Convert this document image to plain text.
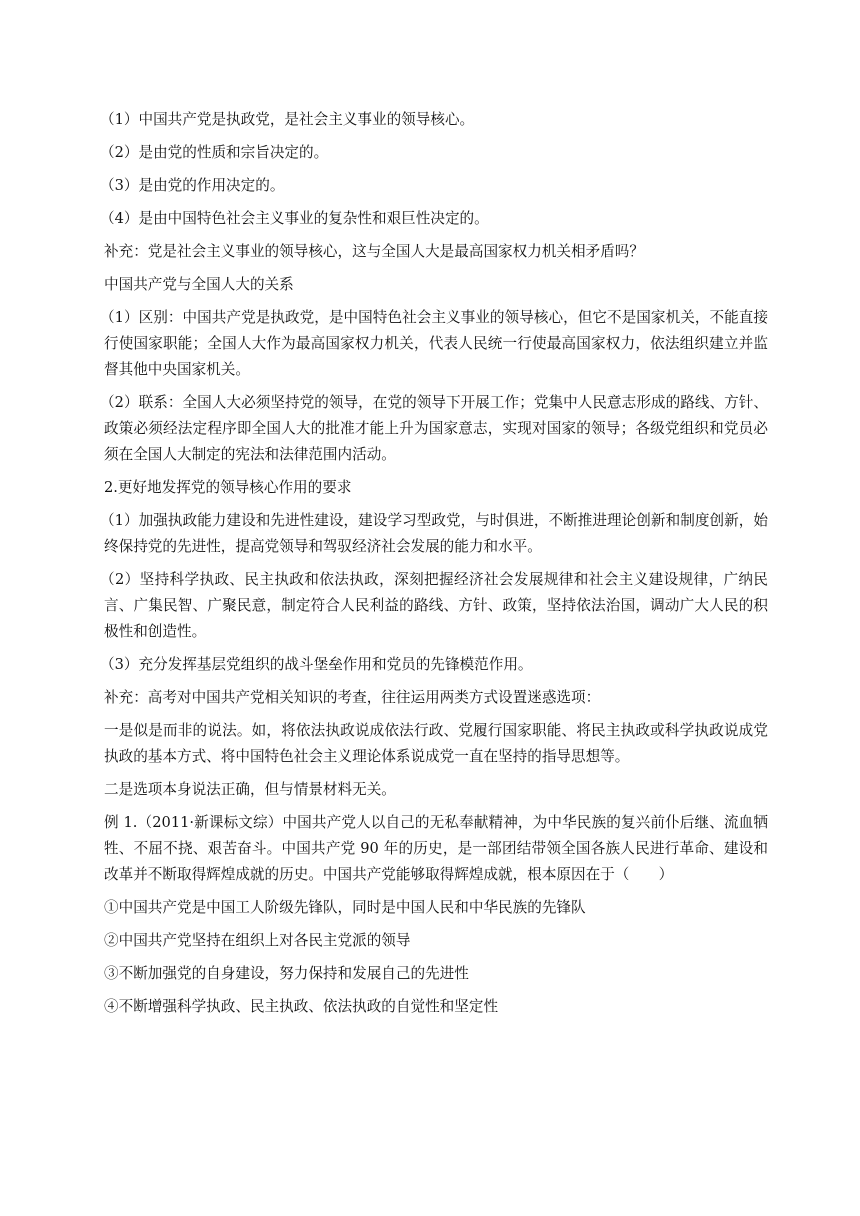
（1）中国共产党是执政党，是社会主义事业的领导核心。

（2）是由党的性质和宗旨决定的。

（3）是由党的作用决定的。

（4）是由中国特色社会主义事业的复杂性和艰巨性决定的。

补充：党是社会主义事业的领导核心，这与全国人大是最高国家权力机关相矛盾吗？

中国共产党与全国人大的关系

（1）区别：中国共产党是执政党，是中国特色社会主义事业的领导核心，但它不是国家机关，不能直接行使国家职能；全国人大作为最高国家权力机关，代表人民统一行使最高国家权力，依法组织建立并监督其他中央国家机关。

（2）联系：全国人大必须坚持党的领导，在党的领导下开展工作；党集中人民意志形成的路线、方针、政策必须经法定程序即全国人大的批准才能上升为国家意志，实现对国家的领导；各级党组织和党员必须在全国人大制定的宪法和法律范围内活动。

2.更好地发挥党的领导核心作用的要求

（1）加强执政能力建设和先进性建设，建设学习型政党，与时俱进，不断推进理论创新和制度创新，始终保持党的先进性，提高党领导和驾驭经济社会发展的能力和水平。

（2）坚持科学执政、民主执政和依法执政，深刻把握经济社会发展规律和社会主义建设规律，广纳民言、广集民智、广聚民意，制定符合人民利益的路线、方针、政策，坚持依法治国，调动广大人民的积极性和创造性。

（3）充分发挥基层党组织的战斗堡垒作用和党员的先锋模范作用。

补充：高考对中国共产党相关知识的考查，往往运用两类方式设置迷惑选项：

一是似是而非的说法。如，将依法执政说成依法行政、党履行国家职能、将民主执政或科学执政说成党执政的基本方式、将中国特色社会主义理论体系说成党一直在坚持的指导思想等。

二是选项本身说法正确，但与情景材料无关。

例 1.（2011·新课标文综）中国共产党人以自己的无私奉献精神，为中华民族的复兴前仆后继、流血牺牲、不屈不挠、艰苦奋斗。中国共产党 90 年的历史，是一部团结带领全国各族人民进行革命、建设和改革并不断取得辉煌成就的历史。中国共产党能够取得辉煌成就，根本原因在于（　　）

①中国共产党是中国工人阶级先锋队，同时是中国人民和中华民族的先锋队

②中国共产党坚持在组织上对各民主党派的领导

③不断加强党的自身建设，努力保持和发展自己的先进性

④不断增强科学执政、民主执政、依法执政的自觉性和坚定性
